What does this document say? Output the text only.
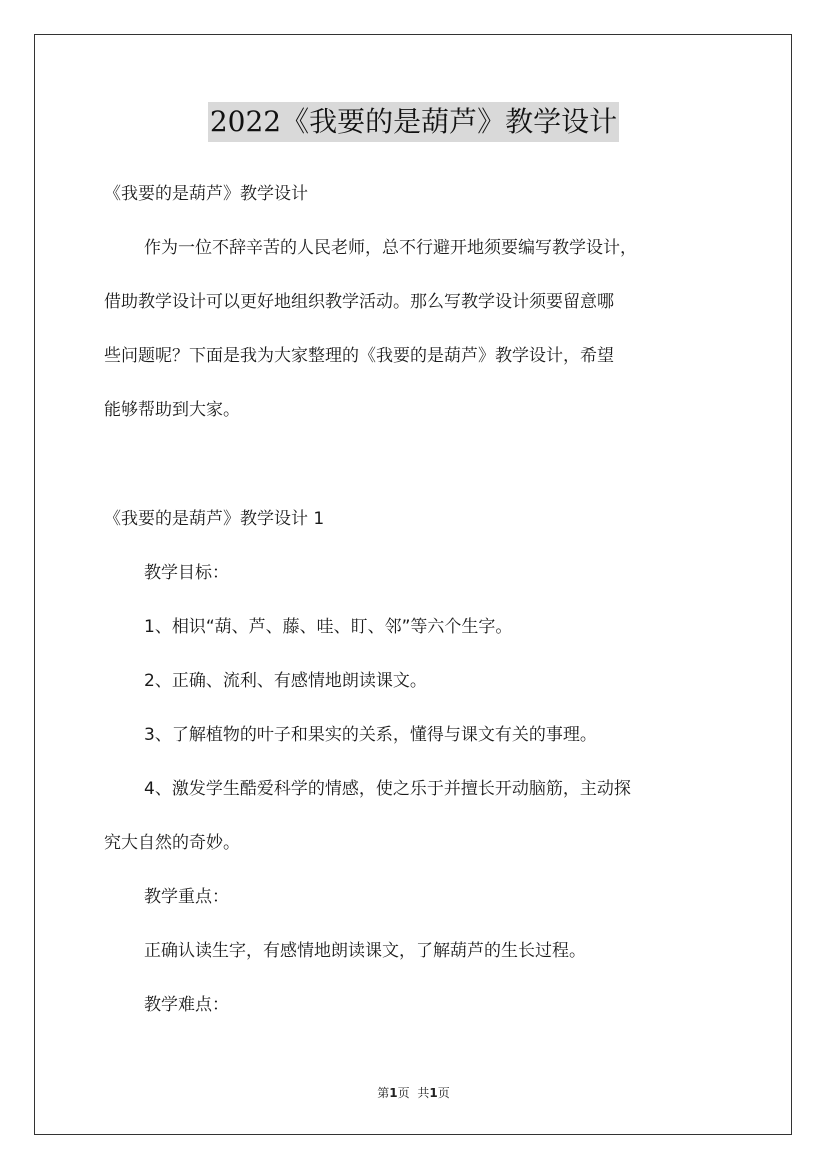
2022《我要的是葫芦》教学设计
《我要的是葫芦》教学设计
作为一位不辞辛苦的人民老师，总不行避开地须要编写教学设计，
借助教学设计可以更好地组织教学活动。那么写教学设计须要留意哪
些问题呢？下面是我为大家整理的《我要的是葫芦》教学设计，希望
能够帮助到大家。
《我要的是葫芦》教学设计 1
教学目标：
1、相识“葫、芦、藤、哇、盯、邻”等六个生字。
2、正确、流利、有感情地朗读课文。
3、了解植物的叶子和果实的关系，懂得与课文有关的事理。
4、激发学生酷爱科学的情感，使之乐于并擅长开动脑筋，主动探
究大自然的奇妙。
教学重点：
正确认读生字，有感情地朗读课文，了解葫芦的生长过程。
教学难点：
第1页 共1页
